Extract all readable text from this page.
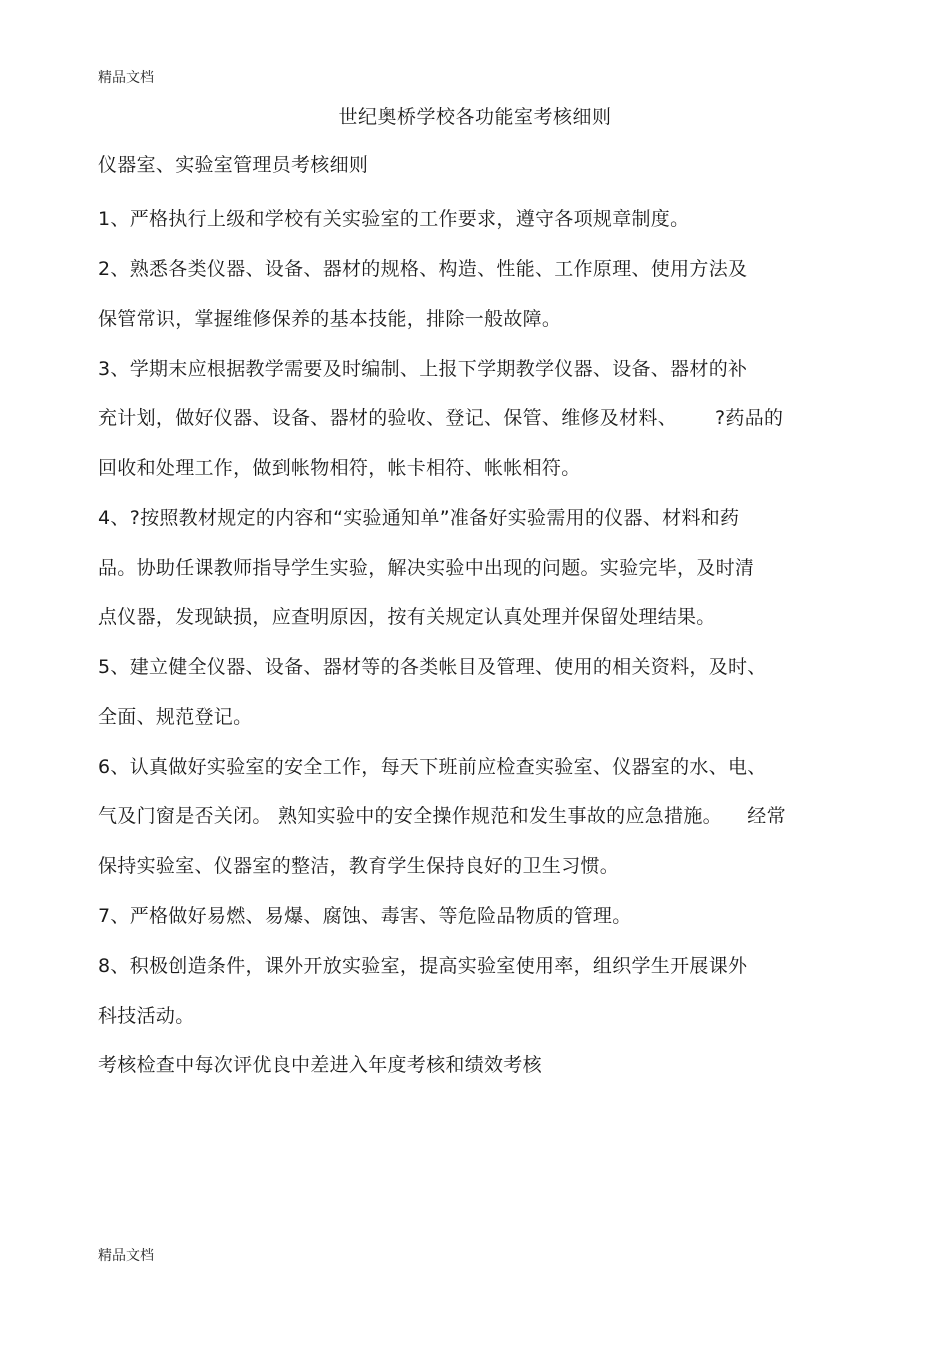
精品文档
世纪奥桥学校各功能室考核细则
仪器室、实验室管理员考核细则
1、严格执行上级和学校有关实验室的工作要求，遵守各项规章制度。
2、熟悉各类仪器、设备、器材的规格、构造、性能、工作原理、使用方法及
保管常识，掌握维修保养的基本技能，排除一般故障。
3、学期末应根据教学需要及时编制、上报下学期教学仪器、设备、器材的补
充计划，做好仪器、设备、器材的验收、登记、保管、维修及材料、      ?药品的
回收和处理工作，做到帐物相符，帐卡相符、帐帐相符。
4、?按照教材规定的内容和“实验通知单”准备好实验需用的仪器、材料和药
品。协助任课教师指导学生实验，解决实验中出现的问题。实验完毕，及时清
点仪器，发现缺损，应查明原因，按有关规定认真处理并保留处理结果。
5、建立健全仪器、设备、器材等的各类帐目及管理、使用的相关资料，及时、
全面、规范登记。
6、认真做好实验室的安全工作，每天下班前应检查实验室、仪器室的水、电、
气及门窗是否关闭。 熟知实验中的安全操作规范和发生事故的应急措施。    经常
保持实验室、仪器室的整洁，教育学生保持良好的卫生习惯。
7、严格做好易燃、易爆、腐蚀、毒害、等危险品物质的管理。
8、积极创造条件，课外开放实验室，提高实验室使用率，组织学生开展课外
科技活动。
考核检查中每次评优良中差进入年度考核和绩效考核
精品文档
